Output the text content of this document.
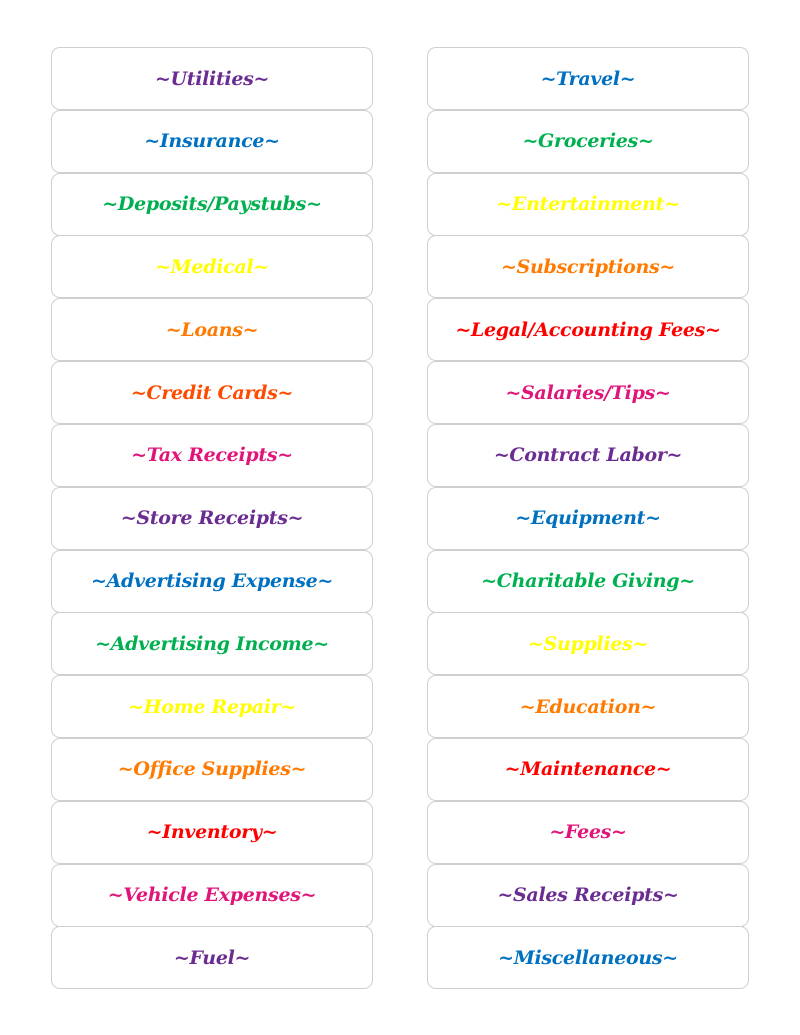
~Utilities~
~Insurance~
~Deposits/Paystubs~
~Medical~
~Loans~
~Credit Cards~
~Tax Receipts~
~Store Receipts~
~Advertising Expense~
~Advertising Income~
~Home Repair~
~Office Supplies~
~Inventory~
~Vehicle Expenses~
~Fuel~
~Travel~
~Groceries~
~Entertainment~
~Subscriptions~
~Legal/Accounting Fees~
~Salaries/Tips~
~Contract Labor~
~Equipment~
~Charitable Giving~
~Supplies~
~Education~
~Maintenance~
~Fees~
~Sales Receipts~
~Miscellaneous~
